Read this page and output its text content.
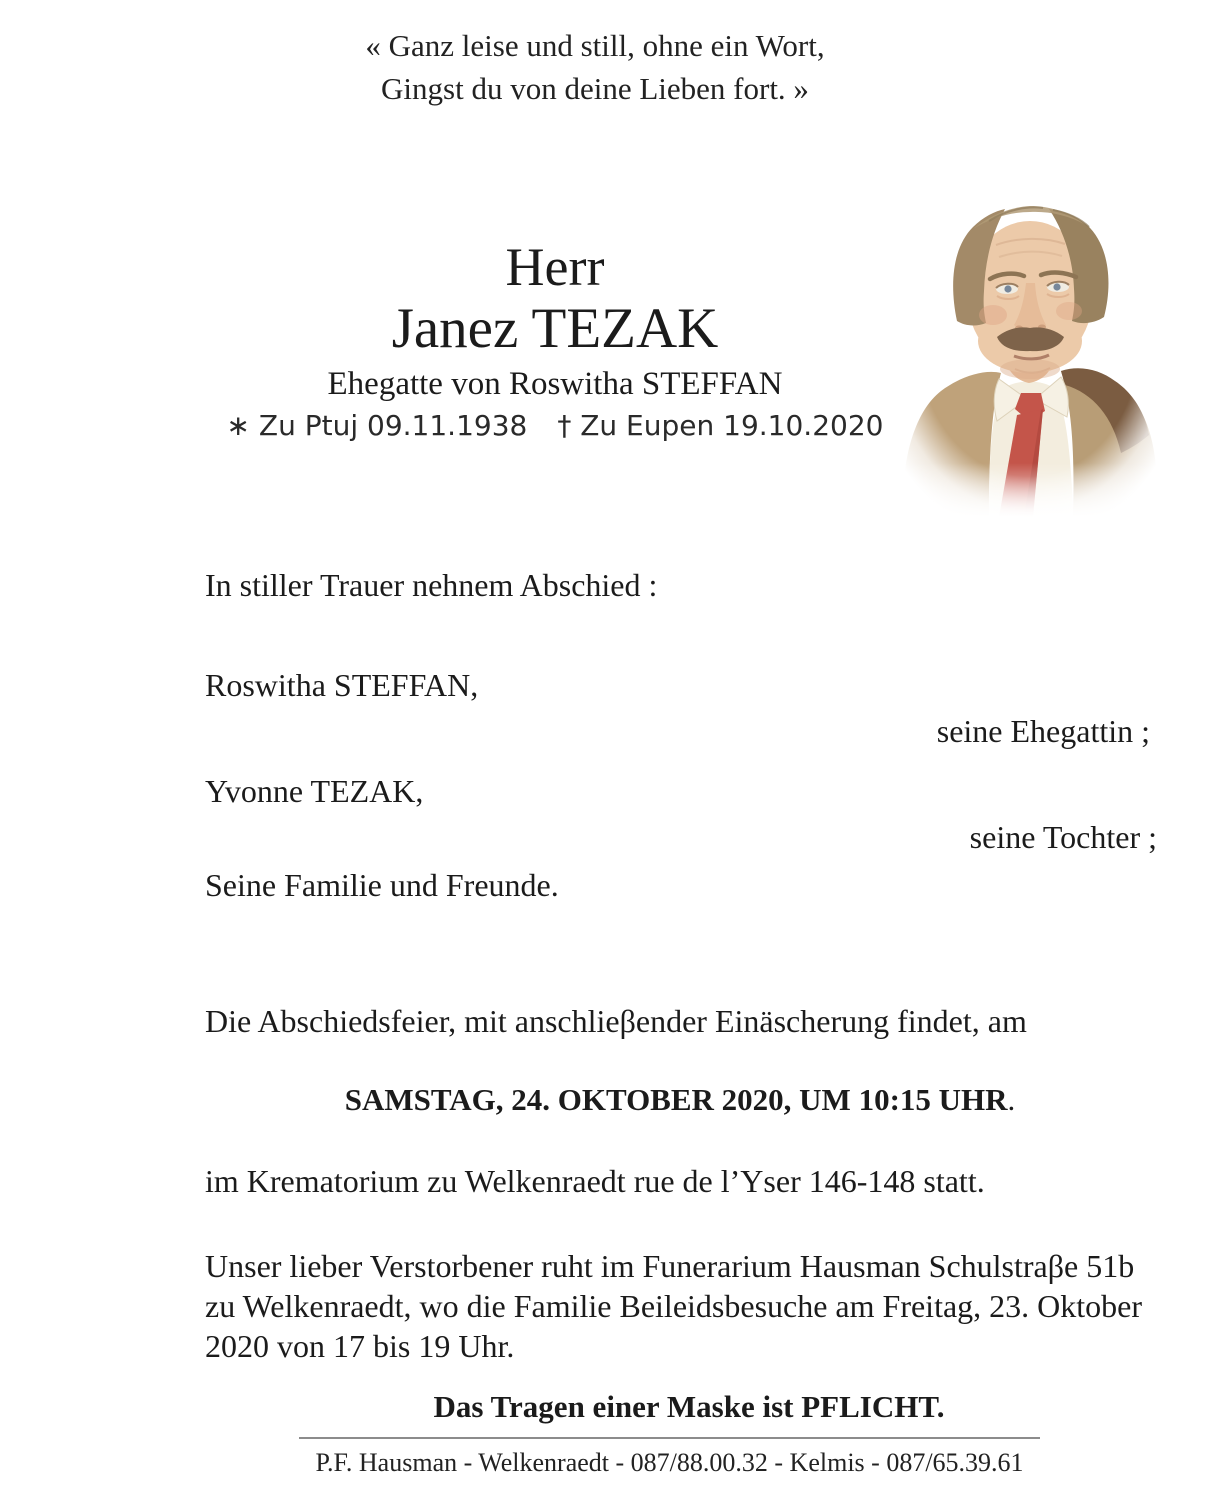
« Ganz leise und still, ohne ein Wort,
Gingst du von deine Lieben fort. »
Herr
Janez TEZAK
Ehegatte von Roswitha STEFFAN
∗ Zu Ptuj 09.11.1938 † Zu Eupen 19.10.2020
In stiller Trauer nehnem Abschied :
Roswitha STEFFAN,
seine Ehegattin ;
Yvonne TEZAK,
seine Tochter ;
Seine Familie und Freunde.
Die Abschiedsfeier, mit anschlieβender Einäscherung findet, am
SAMSTAG, 24. OKTOBER 2020, UM 10:15 UHR.
im Krematorium zu Welkenraedt rue de l’Yser 146-148 statt.
Unser lieber Verstorbener ruht im Funerarium Hausman Schulstraβe 51b zu Welkenraedt, wo die Familie Beileidsbesuche am Freitag, 23. Oktober 2020 von 17 bis 19 Uhr.
Das Tragen einer Maske ist PFLICHT.
P.F. Hausman - Welkenraedt - 087/88.00.32 - Kelmis - 087/65.39.61
